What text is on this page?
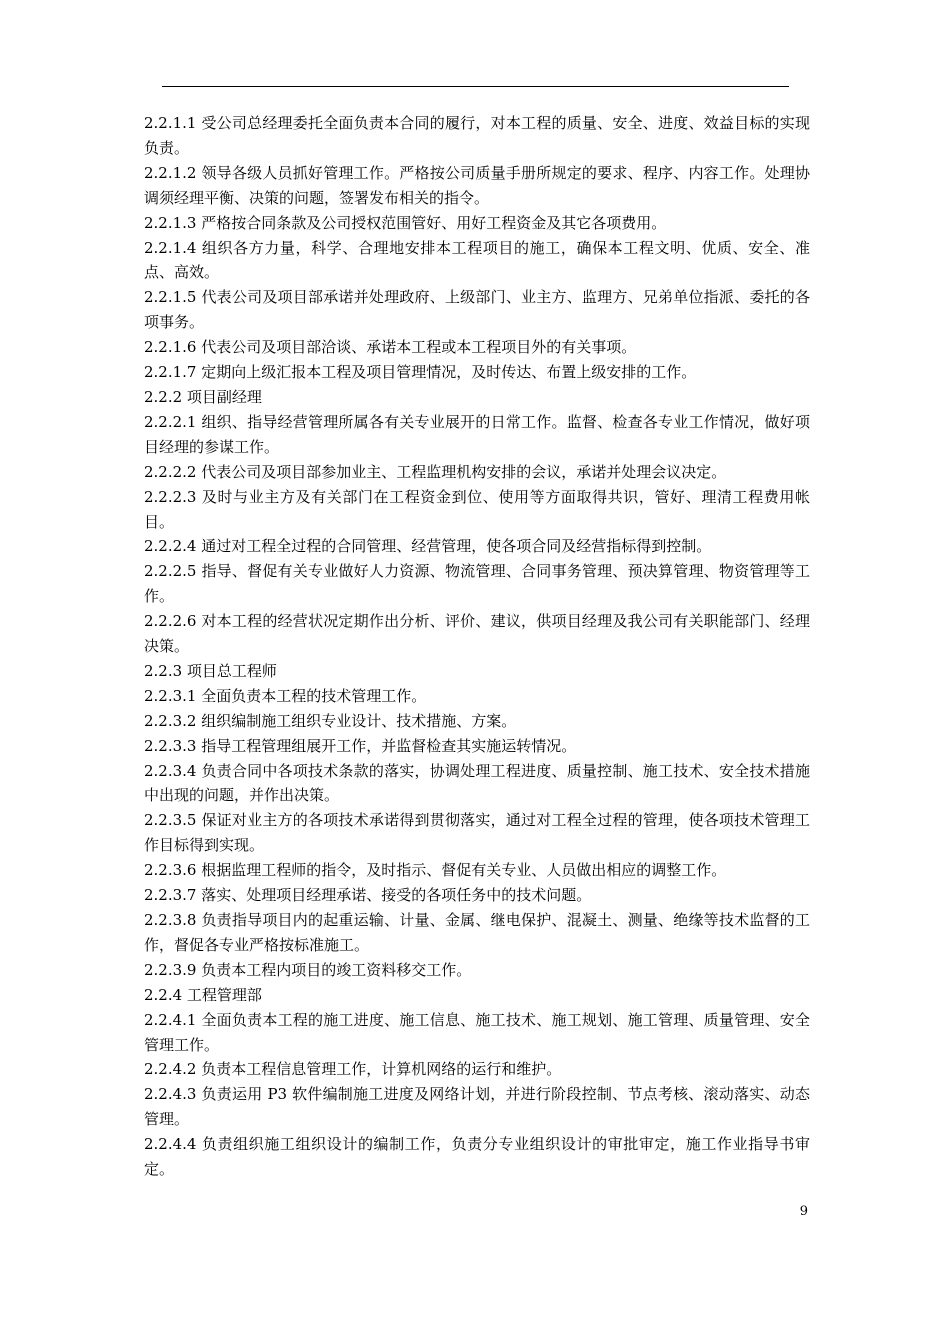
2.2.1.1 受公司总经理委托全面负责本合同的履行，对本工程的质量、安全、进度、效益目标的实现负责。

2.2.1.2 领导各级人员抓好管理工作。严格按公司质量手册所规定的要求、程序、内容工作。处理协调须经理平衡、决策的问题，签署发布相关的指令。

2.2.1.3 严格按合同条款及公司授权范围管好、用好工程资金及其它各项费用。

2.2.1.4 组织各方力量，科学、合理地安排本工程项目的施工，确保本工程文明、优质、安全、准点、高效。

2.2.1.5 代表公司及项目部承诺并处理政府、上级部门、业主方、监理方、兄弟单位指派、委托的各项事务。

2.2.1.6 代表公司及项目部洽谈、承诺本工程或本工程项目外的有关事项。

2.2.1.7 定期向上级汇报本工程及项目管理情况，及时传达、布置上级安排的工作。

2.2.2 项目副经理

2.2.2.1 组织、指导经营管理所属各有关专业展开的日常工作。监督、检查各专业工作情况，做好项目经理的参谋工作。

2.2.2.2 代表公司及项目部参加业主、工程监理机构安排的会议，承诺并处理会议决定。

2.2.2.3 及时与业主方及有关部门在工程资金到位、使用等方面取得共识，管好、理清工程费用帐目。

2.2.2.4 通过对工程全过程的合同管理、经营管理，使各项合同及经营指标得到控制。

2.2.2.5 指导、督促有关专业做好人力资源、物流管理、合同事务管理、预决算管理、物资管理等工作。

2.2.2.6 对本工程的经营状况定期作出分析、评价、建议，供项目经理及我公司有关职能部门、经理决策。

2.2.3 项目总工程师

2.2.3.1 全面负责本工程的技术管理工作。

2.2.3.2 组织编制施工组织专业设计、技术措施、方案。

2.2.3.3 指导工程管理组展开工作，并监督检查其实施运转情况。

2.2.3.4 负责合同中各项技术条款的落实，协调处理工程进度、质量控制、施工技术、安全技术措施中出现的问题，并作出决策。

2.2.3.5 保证对业主方的各项技术承诺得到贯彻落实，通过对工程全过程的管理，使各项技术管理工作目标得到实现。

2.2.3.6 根据监理工程师的指令，及时指示、督促有关专业、人员做出相应的调整工作。

2.2.3.7 落实、处理项目经理承诺、接受的各项任务中的技术问题。

2.2.3.8 负责指导项目内的起重运输、计量、金属、继电保护、混凝土、测量、绝缘等技术监督的工作，督促各专业严格按标准施工。

2.2.3.9 负责本工程内项目的竣工资料移交工作。

2.2.4 工程管理部

2.2.4.1 全面负责本工程的施工进度、施工信息、施工技术、施工规划、施工管理、质量管理、安全管理工作。

2.2.4.2 负责本工程信息管理工作，计算机网络的运行和维护。

2.2.4.3 负责运用 P3 软件编制施工进度及网络计划，并进行阶段控制、节点考核、滚动落实、动态管理。

2.2.4.4 负责组织施工组织设计的编制工作，负责分专业组织设计的审批审定，施工作业指导书审定。

9
